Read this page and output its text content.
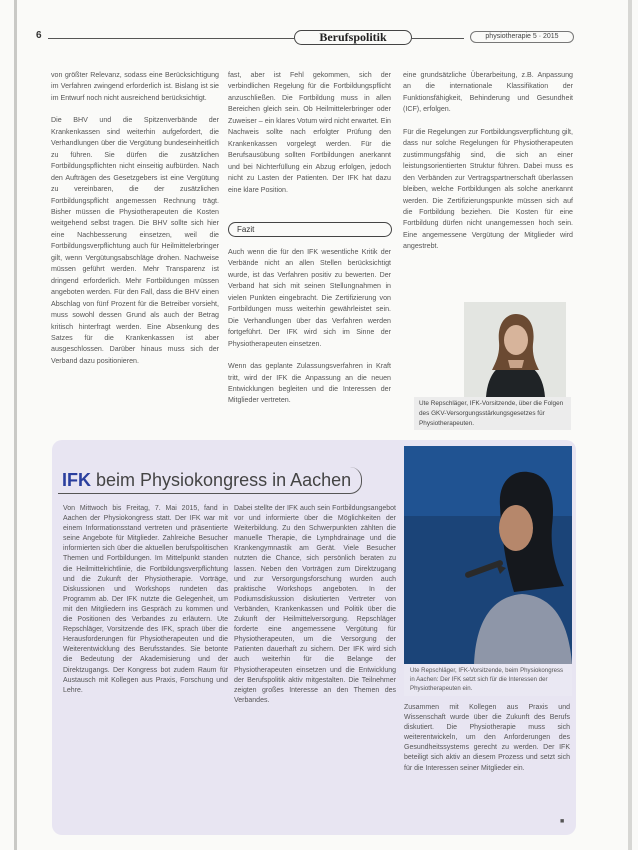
6	Berufspolitik	physiotherapie 5 · 2015

von größter Relevanz, sodass eine Berücksichtigung im Verfahren zwingend erforderlich ist. Bislang ist sie im Entwurf noch nicht ausreichend berücksichtigt.

Die BHV und die Spitzenverbände der Krankenkassen sind weiterhin aufgefordert, die Verhandlungen über die Vergütung bundeseinheitlich zu führen. Sie dürfen die zusätzlichen Fortbildungspflichten nicht einseitig aufbürden. Nach den Aufträgen des Gesetzgebers ist eine Vergütung zu vereinbaren, die der zusätzlichen Fortbildungspflicht angemessen Rechnung trägt. Bisher müssen die Physiotherapeuten die Kosten weitgehend selbst tragen. Die BHV sollte sich hier eine Nachbesserung einsetzen, weil die Fortbildungsverpflichtung auch für Heilmittelerbringer gilt, wenn Vergütungsabschläge drohen. Nachweise müssen geführt werden. Mehr Transparenz ist dringend erforderlich. Mehr Fortbildungen müssen angeboten werden. Für den Fall, dass die BHV einen Abschlag von fünf Prozent für die Betreiber vorsieht, muss sowohl dessen Grund als auch der Betrag kritisch hinterfragt werden. Eine Absenkung des Satzes für die Krankenkassen ist aber ausgeschlossen. Darüber hinaus muss sich der Verband dazu positionieren.

fast, aber ist Fehl gekommen, sich der verbindlichen Regelung für die Fortbildungspflicht anzuschließen. Die Fortbildung muss in allen Bereichen gleich sein. Ob Heilmittelerbringer oder Zuweiser – ein klares Votum wird nicht erwartet. Ein Nachweis sollte nach erfolgter Prüfung den Krankenkassen vorgelegt werden. Für die Berufsausübung sollten Fortbildungen anerkannt und bei Nichterfüllung ein Abzug erfolgen, jedoch nicht zu Lasten der Patienten. Der IFK hat dazu eine klare Position.

Fazit

Auch wenn die für den IFK wesentliche Kritik der Verbände nicht an allen Stellen berücksichtigt wurde, ist das Verfahren positiv zu bewerten. Der Verband hat sich mit seinen Stellungnahmen in vielen Punkten eingebracht. Die Zertifizierung von Fortbildungen muss weiterhin gewährleistet sein. Die Verhandlungen über das Verfahren werden fortgeführt. Der IFK wird sich im Sinne der Physiotherapeuten einsetzen.

Wenn das geplante Zulassungsverfahren in Kraft tritt, wird der IFK die Anpassung an die neuen Entwicklungen begleiten und die Interessen der Mitglieder vertreten.

eine grundsätzliche Überarbeitung, z.B. Anpassung an die internationale Klassifikation der Funktionsfähigkeit, Behinderung und Gesundheit (ICF), erfolgen.

Für die Regelungen zur Fortbildungsverpflichtung gilt, dass nur solche Regelungen für Physiotherapeuten zustimmungsfähig sind, die sich an einer leistungsorientierten Struktur führen. Dabei muss es den Verbänden zur Vertragspartnerschaft überlassen bleiben, welche Fortbildungen als solche anerkannt werden. Die Zertifizierungspunkte müssen sich auf die Fortbildung beziehen. Die Kosten für eine Fortbildung dürfen nicht unangemessen hoch sein. Eine angemessene Vergütung der Mitglieder wird angestrebt.

Ute Repschläger, IFK-Vorsitzende, über die Folgen des GKV-Versorgungsstärkungsgesetzes für Physiotherapeuten.
IFK beim Physiokongress in Aachen
Ute Repschläger, IFK-Vorsitzende, beim Physiokongress in Aachen: Der IFK setzt sich für die Interessen der Physiotherapeuten ein.

Von Mittwoch bis Freitag, 7. Mai 2015, fand in Aachen der Physiokongress statt. Der IFK war mit einem Informationsstand vertreten und präsentierte seine Angebote für Mitglieder. Zahlreiche Besucher informierten sich über die aktuellen berufspolitischen Themen und Fortbildungen. Im Mittelpunkt standen die Heilmittelrichtlinie, die Fortbildungsverpflichtung und die Zukunft der Physiotherapie. Vorträge, Diskussionen und Workshops rundeten das Programm ab. Der IFK nutzte die Gelegenheit, um mit den Mitgliedern ins Gespräch zu kommen und die Positionen des Verbandes zu erläutern. Ute Repschläger, Vorsitzende des IFK, sprach über die Herausforderungen für Physiotherapeuten und die Weiterentwicklung des Berufsstandes. Sie betonte die Bedeutung der Akademisierung und der Direktzugangs. Der Kongress bot zudem Raum für Austausch mit Kollegen aus Praxis, Forschung und Lehre.

Dabei stellte der IFK auch sein Fortbildungsangebot vor und informierte über die Möglichkeiten der Weiterbildung. Zu den Schwerpunkten zählten die manuelle Therapie, die Lymphdrainage und die Krankengymnastik am Gerät. Viele Besucher nutzten die Chance, sich persönlich beraten zu lassen. Neben den Vorträgen zum Direktzugang und zur Versorgungsforschung wurden auch praktische Workshops angeboten. In der Podiumsdiskussion diskutierten Vertreter von Verbänden, Krankenkassen und Politik über die Zukunft der Heilmittelversorgung. Repschläger forderte eine angemessene Vergütung für Physiotherapeuten, um die Versorgung der Patienten dauerhaft zu sichern. Der IFK wird sich auch weiterhin für die Belange der Physiotherapeuten einsetzen und die Entwicklung der Berufspolitik aktiv mitgestalten. Die Teilnehmer zeigten großes Interesse an den Themen des Verbandes.

Zusammen mit Kollegen aus Praxis und Wissenschaft wurde über die Zukunft des Berufs diskutiert. Die Physiotherapie muss sich weiterentwickeln, um den Anforderungen des Gesundheitssystems gerecht zu werden. Der IFK beteiligt sich aktiv an diesem Prozess und setzt sich für die Interessen seiner Mitglieder ein.

■
